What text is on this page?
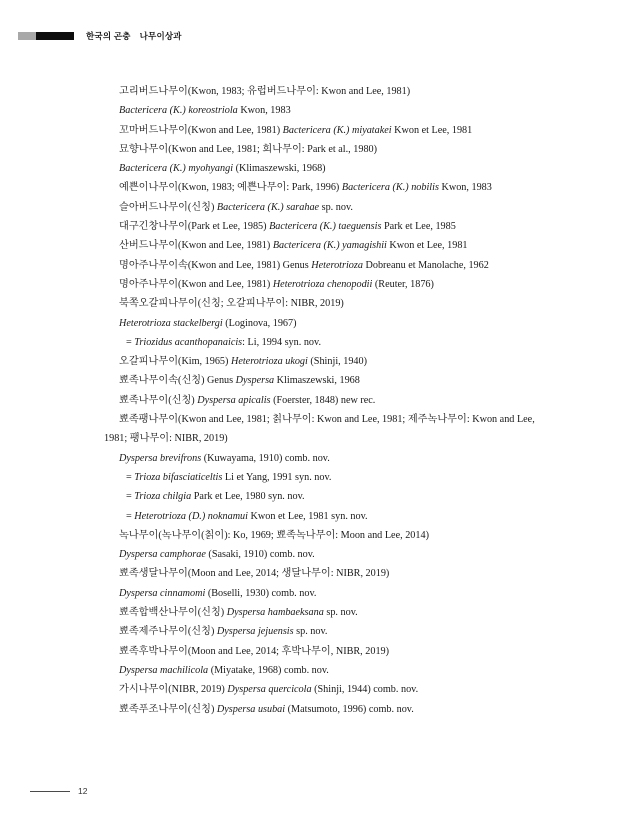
한국의 곤충 나무이상과
고리버드나무이(Kwon, 1983; 유럽버드나무이: Kwon and Lee, 1981)
Bactericera (K.) koreostriola Kwon, 1983
꼬마버드나무이(Kwon and Lee, 1981) Bactericera (K.) miyatakei Kwon et Lee, 1981
묘향나무이(Kwon and Lee, 1981; 희나무이: Park et al., 1980)
Bactericera (K.) myohyangi (Klimaszewski, 1968)
예쁜이나무이(Kwon, 1983; 예쁜나무이: Park, 1996) Bactericera (K.) nobilis Kwon, 1983
슬아버드나무이(신칭) Bactericera (K.) sarahae sp. nov.
대구긴창나무이(Park et Lee, 1985) Bactericera (K.) taeguensis Park et Lee, 1985
산버드나무이(Kwon and Lee, 1981) Bactericera (K.) yamagishii Kwon et Lee, 1981
명아주나무이속(Kwon and Lee, 1981) Genus Heterotrioza Dobreanu et Manolache, 1962
명아주나무이(Kwon and Lee, 1981) Heterotrioza chenopodii (Reuter, 1876)
북쪽오갈피나무이(신칭; 오갈피나무이: NIBR, 2019)
Heterotrioza stackelbergi (Loginova, 1967)
= Triozidus acanthopanaicis: Li, 1994 syn. nov.
오갈피나무이(Kim, 1965) Heterotrioza ukogi (Shinji, 1940)
뾰족나무이속(신칭) Genus Dyspersa Klimaszewski, 1968
뾰족나무이(신칭) Dyspersa apicalis (Foerster, 1848) new rec.
뾰족팽나무이(Kwon and Lee, 1981; 칡나무이: Kwon and Lee, 1981; 제주녹나무이: Kwon and Lee, 1981; 팽나무이: NIBR, 2019)
Dyspersa brevifrons (Kuwayama, 1910) comb. nov.
= Trioza bifasciaticeltis Li et Yang, 1991 syn. nov.
= Trioza chilgia Park et Lee, 1980 syn. nov.
= Heterotrioza (D.) noknamui Kwon et Lee, 1981 syn. nov.
녹나무이(녹나무이(칡이): Ko, 1969; 뾰족녹나무이: Moon and Lee, 2014)
Dyspersa camphorae (Sasaki, 1910) comb. nov.
뾰족생달나무이(Moon and Lee, 2014; 생달나무이: NIBR, 2019)
Dyspersa cinnamomi (Boselli, 1930) comb. nov.
뾰족합백산나무이(신칭) Dyspersa hambaeksana sp. nov.
뾰족제주나무이(신칭) Dyspersa jejuensis sp. nov.
뾰족후박나무이(Moon and Lee, 2014; 후박나무이, NIBR, 2019)
Dyspersa machilicola (Miyatake, 1968) comb. nov.
가시나무이(NIBR, 2019) Dyspersa quercicola (Shinji, 1944) comb. nov.
뾰족푸조나무이(신칭) Dyspersa usubai (Matsumoto, 1996) comb. nov.
12
